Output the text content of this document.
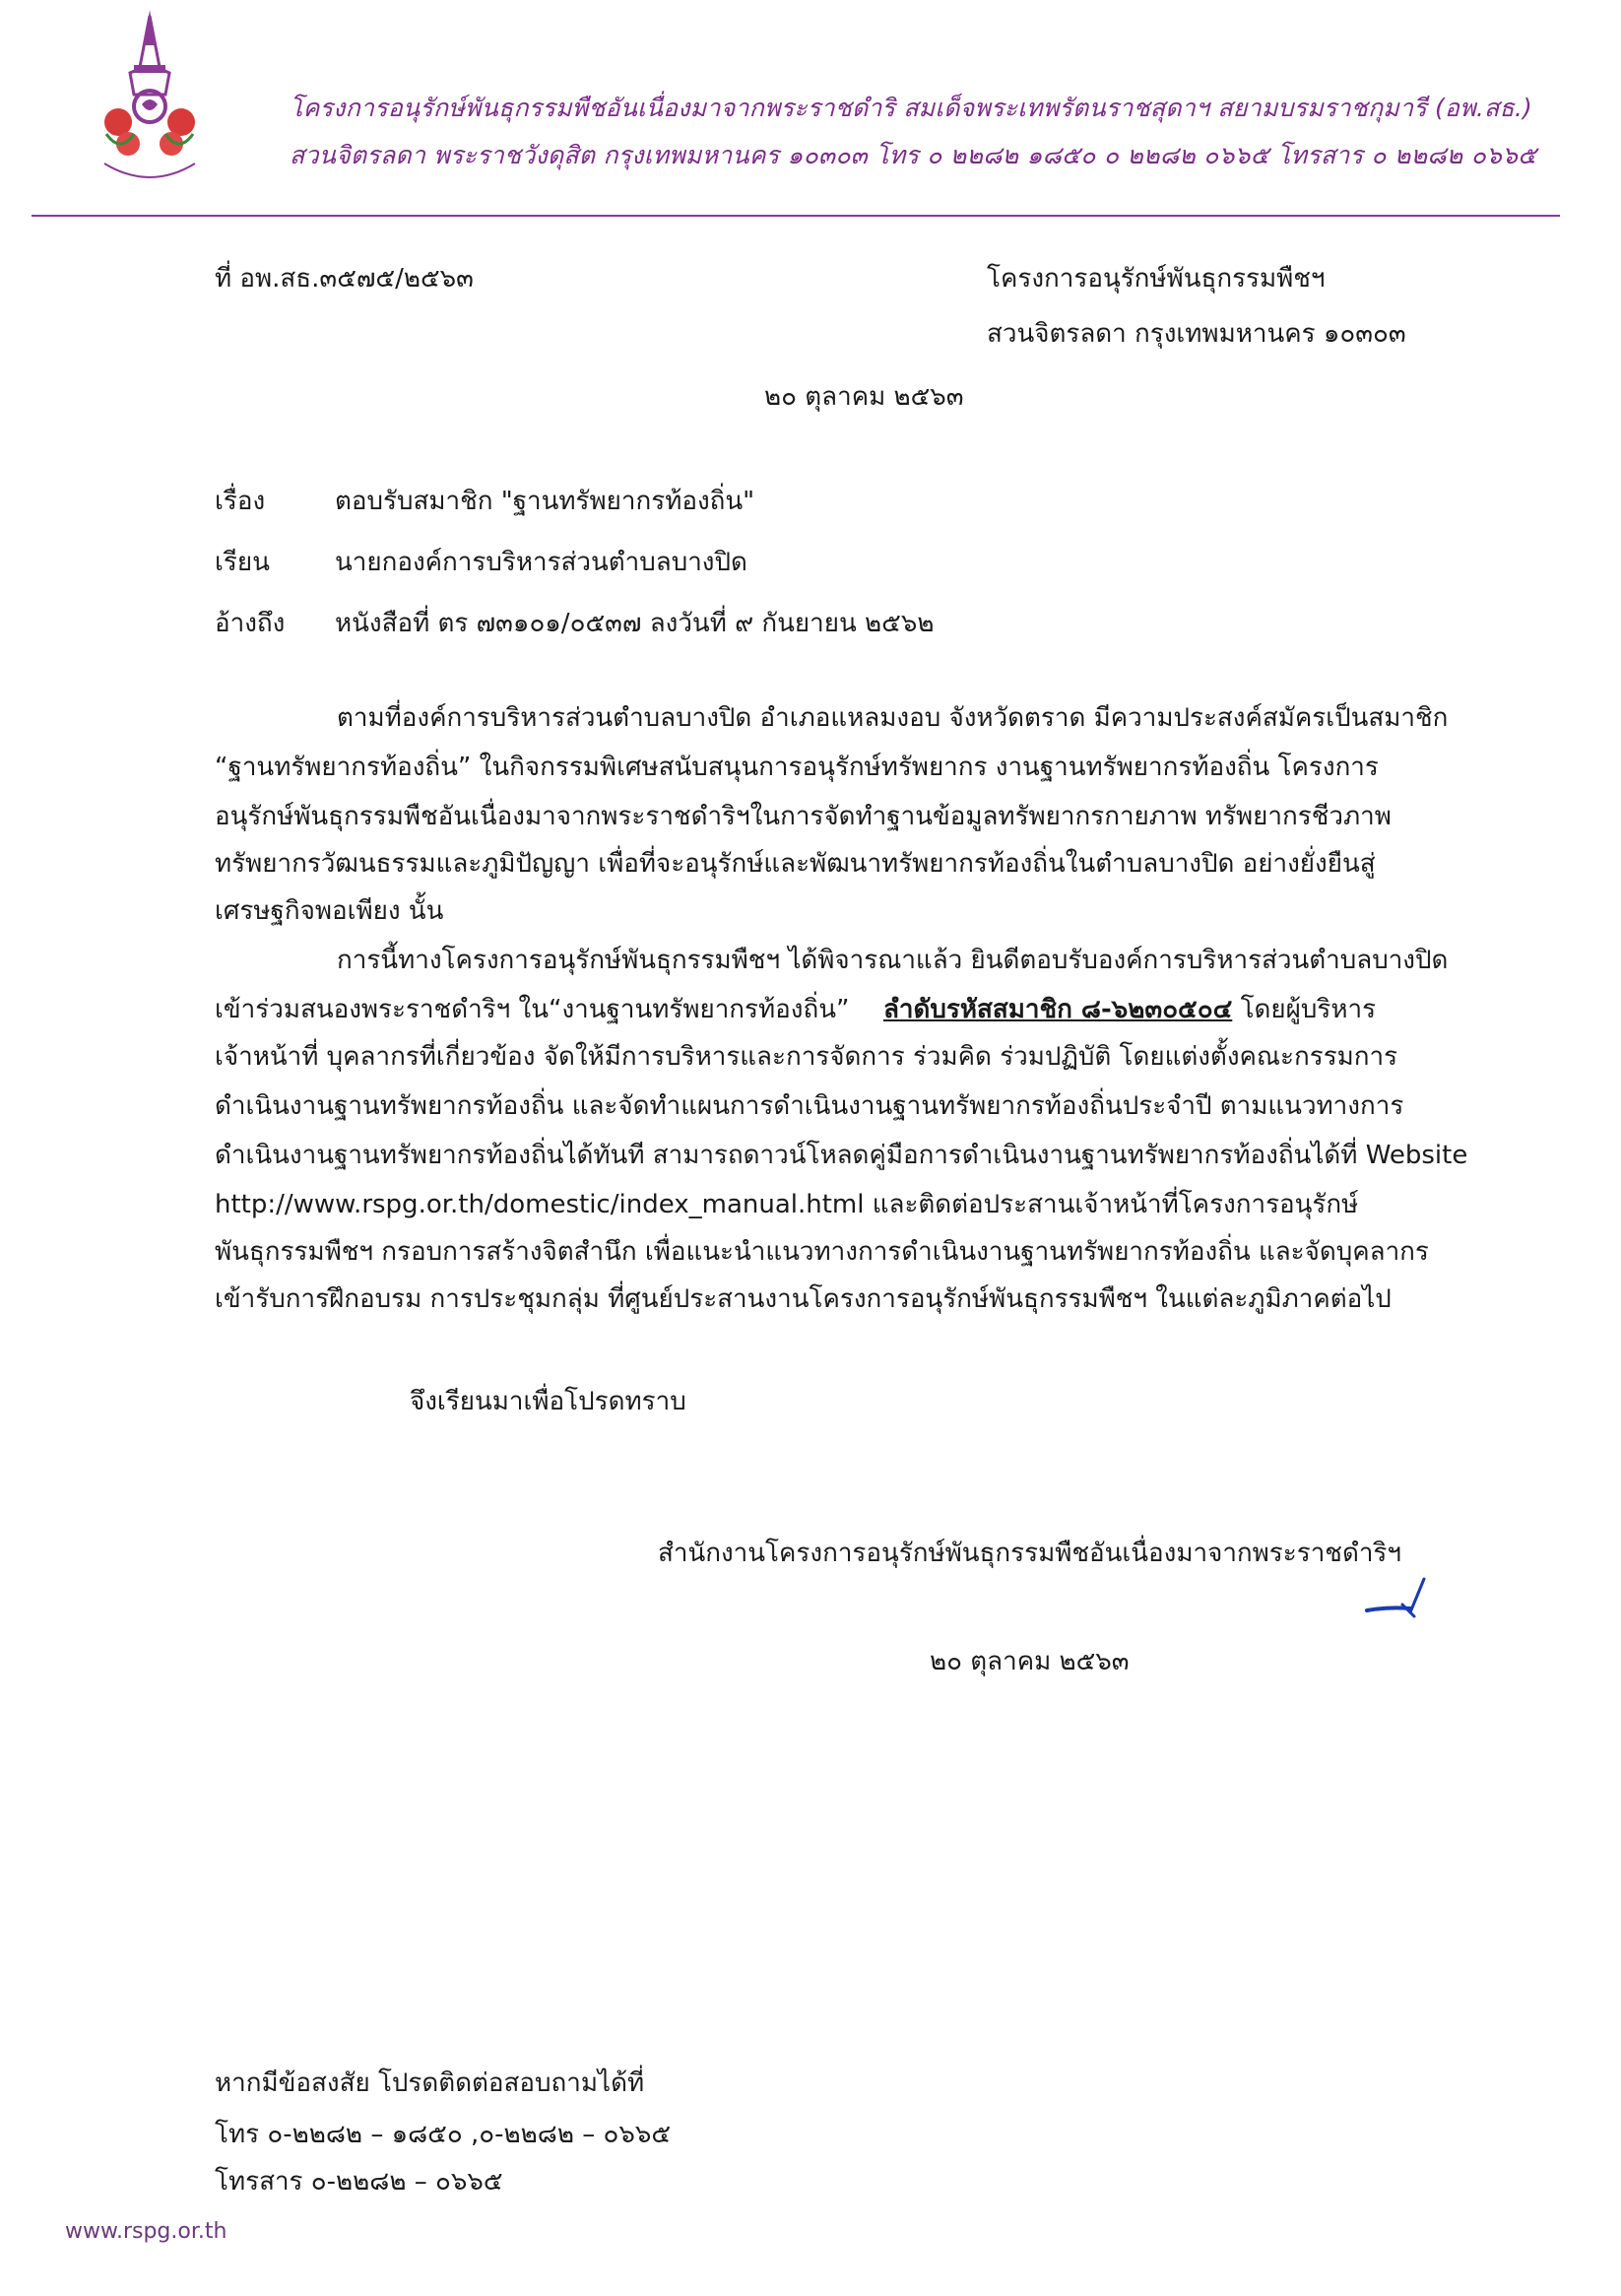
โครงการอนุรักษ์พันธุกรรมพืชอันเนื่องมาจากพระราชดำริ สมเด็จพระเทพรัตนราชสุดาฯ สยามบรมราชกุมารี (อพ.สธ.)
สวนจิตรลดา พระราชวังดุสิต กรุงเทพมหานคร ๑๐๓๐๓ โทร ๐ ๒๒๘๒ ๑๘๕๐ ๐ ๒๒๘๒ ๐๖๖๕ โทรสาร ๐ ๒๒๘๒ ๐๖๖๕
ที่ อพ.สธ.๓๕๗๕/๒๕๖๓	โครงการอนุรักษ์พันธุกรรมพืชฯ
สวนจิตรลดา กรุงเทพมหานคร ๑๐๓๐๓
๒๐ ตุลาคม ๒๕๖๓
เรื่อง	ตอบรับสมาชิก "ฐานทรัพยากรท้องถิ่น"
เรียน	นายกองค์การบริหารส่วนตำบลบางปิด
อ้างถึง หนังสือที่ ตร ๗๓๑๐๑/๐๕๓๗ ลงวันที่ ๙ กันยายน ๒๕๖๒
ตามที่องค์การบริหารส่วนตำบลบางปิด อำเภอแหลมงอบ จังหวัดตราด มีความประสงค์สมัครเป็นสมาชิก
“ฐานทรัพยากรท้องถิ่น” ในกิจกรรมพิเศษสนับสนุนการอนุรักษ์ทรัพยากร งานฐานทรัพยากรท้องถิ่น โครงการ
อนุรักษ์พันธุกรรมพืชอันเนื่องมาจากพระราชดำริฯในการจัดทำฐานข้อมูลทรัพยากรกายภาพ ทรัพยากรชีวภาพ
ทรัพยากรวัฒนธรรมและภูมิปัญญา เพื่อที่จะอนุรักษ์และพัฒนาทรัพยากรท้องถิ่นในตำบลบางปิด อย่างยั่งยืนสู่
เศรษฐกิจพอเพียง นั้น
การนี้ทางโครงการอนุรักษ์พันธุกรรมพืชฯ ได้พิจารณาแล้ว ยินดีตอบรับองค์การบริหารส่วนตำบลบางปิด
เข้าร่วมสนองพระราชดำริฯ ใน“งานฐานทรัพยากรท้องถิ่น” ลำดับรหัสสมาชิก ๘-๖๒๓๐๕๐๔ โดยผู้บริหาร
เจ้าหน้าที่ บุคลากรที่เกี่ยวข้อง จัดให้มีการบริหารและการจัดการ ร่วมคิด ร่วมปฏิบัติ โดยแต่งตั้งคณะกรรมการ
ดำเนินงานฐานทรัพยากรท้องถิ่น และจัดทำแผนการดำเนินงานฐานทรัพยากรท้องถิ่นประจำปี ตามแนวทางการ
ดำเนินงานฐานทรัพยากรท้องถิ่นได้ทันที สามารถดาวน์โหลดคู่มือการดำเนินงานฐานทรัพยากรท้องถิ่นได้ที่ Website
http://www.rspg.or.th/domestic/index_manual.html และติดต่อประสานเจ้าหน้าที่โครงการอนุรักษ์
พันธุกรรมพืชฯ กรอบการสร้างจิตสำนึก เพื่อแนะนำแนวทางการดำเนินงานฐานทรัพยากรท้องถิ่น และจัดบุคลากร
เข้ารับการฝึกอบรม การประชุมกลุ่ม ที่ศูนย์ประสานงานโครงการอนุรักษ์พันธุกรรมพืชฯ ในแต่ละภูมิภาคต่อไป
จึงเรียนมาเพื่อโปรดทราบ
สำนักงานโครงการอนุรักษ์พันธุกรรมพืชอันเนื่องมาจากพระราชดำริฯ
๒๐ ตุลาคม ๒๕๖๓
หากมีข้อสงสัย โปรดติดต่อสอบถามได้ที่
โทร ๐-๒๒๘๒ – ๑๘๕๐ ,๐-๒๒๘๒ – ๐๖๖๕
โทรสาร ๐-๒๒๘๒ – ๐๖๖๕
www.rspg.or.th
